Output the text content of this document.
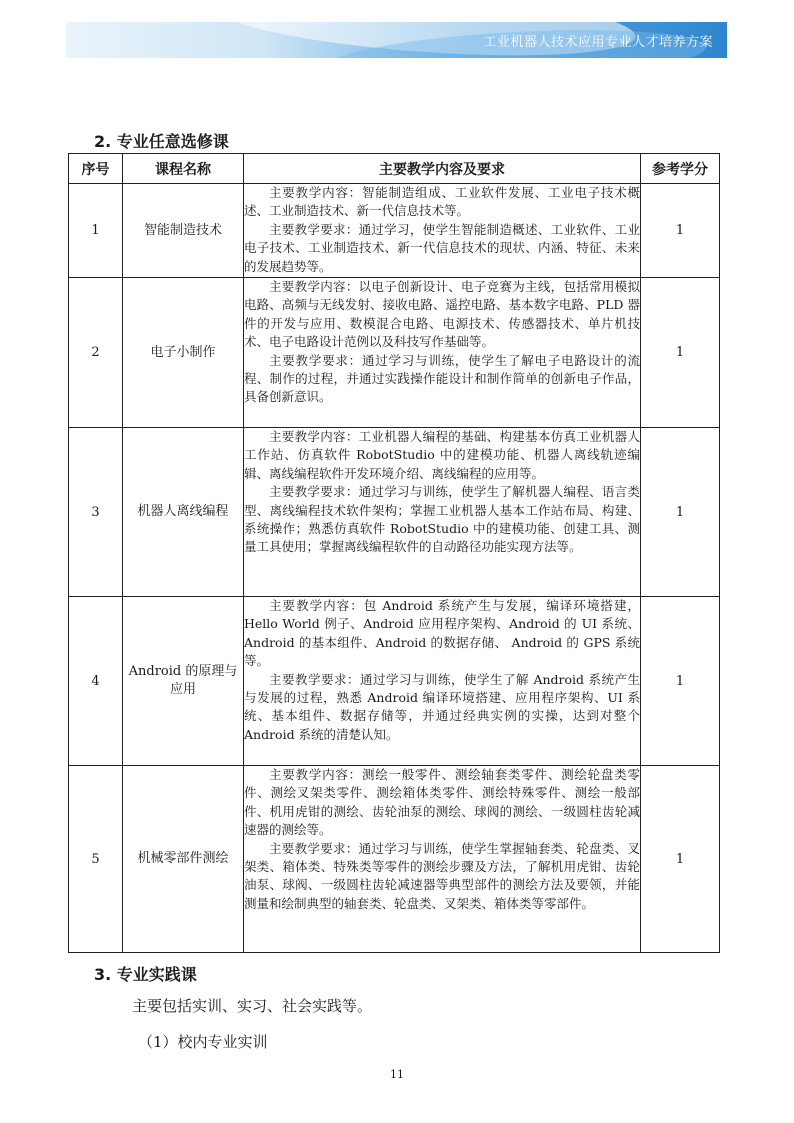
工业机器人技术应用专业人才培养方案
2. 专业任意选修课
序号	课程名称	主要教学内容及要求	参考学分
1	智能制造技术	主要教学内容：智能制造组成、工业软件发展、工业电子技术概述、工业制造技术、新一代信息技术等。

主要教学要求：通过学习，使学生智能制造概述、工业软件、工业电子技术、工业制造技术、新一代信息技术的现状、内涵、特征、未来的发展趋势等。	1
2	电子小制作	主要教学内容：以电子创新设计、电子竞赛为主线，包括常用模拟电路、高频与无线发射、接收电路、遥控电路、基本数字电路、PLD 器件的开发与应用、数模混合电路、电源技术、传感器技术、单片机技术、电子电路设计范例以及科技写作基础等。

主要教学要求：通过学习与训练，使学生了解电子电路设计的流程、制作的过程，并通过实践操作能设计和制作简单的创新电子作品，具备创新意识。	1
3	机器人离线编程	主要教学内容：工业机器人编程的基础、构建基本仿真工业机器人工作站、仿真软件 RobotStudio 中的建模功能、机器人离线轨迹编辑、离线编程软件开发环境介绍、离线编程的应用等。

主要教学要求：通过学习与训练，使学生了解机器人编程、语言类型、离线编程技术软件架构；掌握工业机器人基本工作站布局、构建、系统操作；熟悉仿真软件 RobotStudio 中的建模功能、创建工具、测量工具使用；掌握离线编程软件的自动路径功能实现方法等。	1
4	Android 的原理与应用	主要教学内容：包 Android 系统产生与发展，编译环境搭建，Hello World 例子、Android 应用程序架构、Android 的 UI 系统、Android 的基本组件、Android 的数据存储、 Android 的 GPS 系统等。

主要教学要求：通过学习与训练，使学生了解 Android 系统产生与发展的过程，熟悉 Android 编译环境搭建、应用程序架构、UI 系统、基本组件、数据存储等，并通过经典实例的实操，达到对整个 Android 系统的清楚认知。	1
5	机械零部件测绘	主要教学内容：测绘一般零件、测绘轴套类零件、测绘轮盘类零件、测绘叉架类零件、测绘箱体类零件、测绘特殊零件、测绘一般部件、机用虎钳的测绘、齿轮油泵的测绘、球阀的测绘、一级圆柱齿轮减速器的测绘等。

主要教学要求：通过学习与训练，使学生掌握轴套类、轮盘类、叉架类、箱体类、特殊类等零件的测绘步骤及方法，了解机用虎钳、齿轮油泵、球阀、一级圆柱齿轮减速器等典型部件的测绘方法及要领，并能测量和绘制典型的轴套类、轮盘类、叉架类、箱体类等零部件。	1
3. 专业实践课
主要包括实训、实习、社会实践等。
（1）校内专业实训
11
